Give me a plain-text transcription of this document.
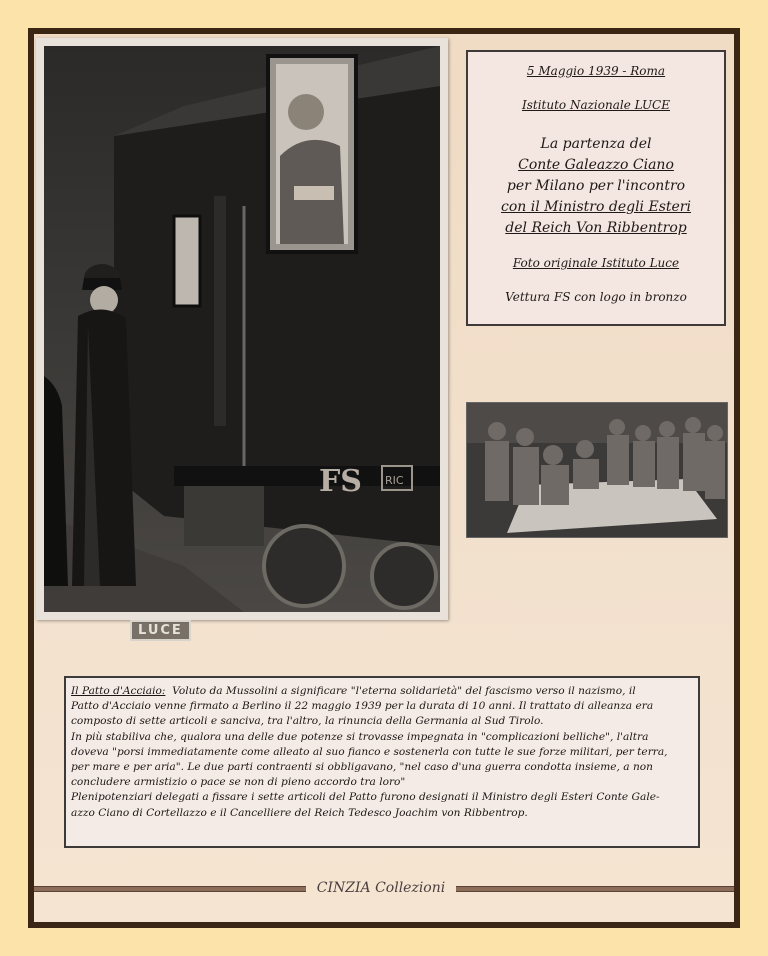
FS RIC
LUCE
5 Maggio 1939 - Roma
Istituto Nazionale LUCE
La partenza del
Conte Galeazzo Ciano
per Milano per l'incontro
con il Ministro degli Esteri
del Reich Von Ribbentrop
Foto originale Istituto Luce
Vettura FS con logo in bronzo

Il Patto d'Acciaio: Voluto da Mussolini a significare "l'eterna solidarietà" del fascismo verso il nazismo, il

Patto d'Acciaio venne firmato a Berlino il 22 maggio 1939 per la durata di 10 anni. Il trattato di alleanza era

composto di sette articoli e sanciva, tra l'altro, la rinuncia della Germania al Sud Tirolo.

In più stabiliva che, qualora una delle due potenze si trovasse impegnata in "complicazioni belliche", l'altra

doveva "porsi immediatamente come alleato al suo fianco e sostenerla con tutte le sue forze militari, per terra,

per mare e per aria". Le due parti contraenti si obbligavano, "nel caso d'una guerra condotta insieme, a non

concludere armistizio o pace se non di pieno accordo tra loro"

Plenipotenziari delegati a fissare i sette articoli del Patto furono designati il Ministro degli Esteri Conte Gale-

azzo Ciano di Cortellazzo e il Cancelliere del Reich Tedesco Joachim von Ribbentrop.

CINZIA Collezioni
